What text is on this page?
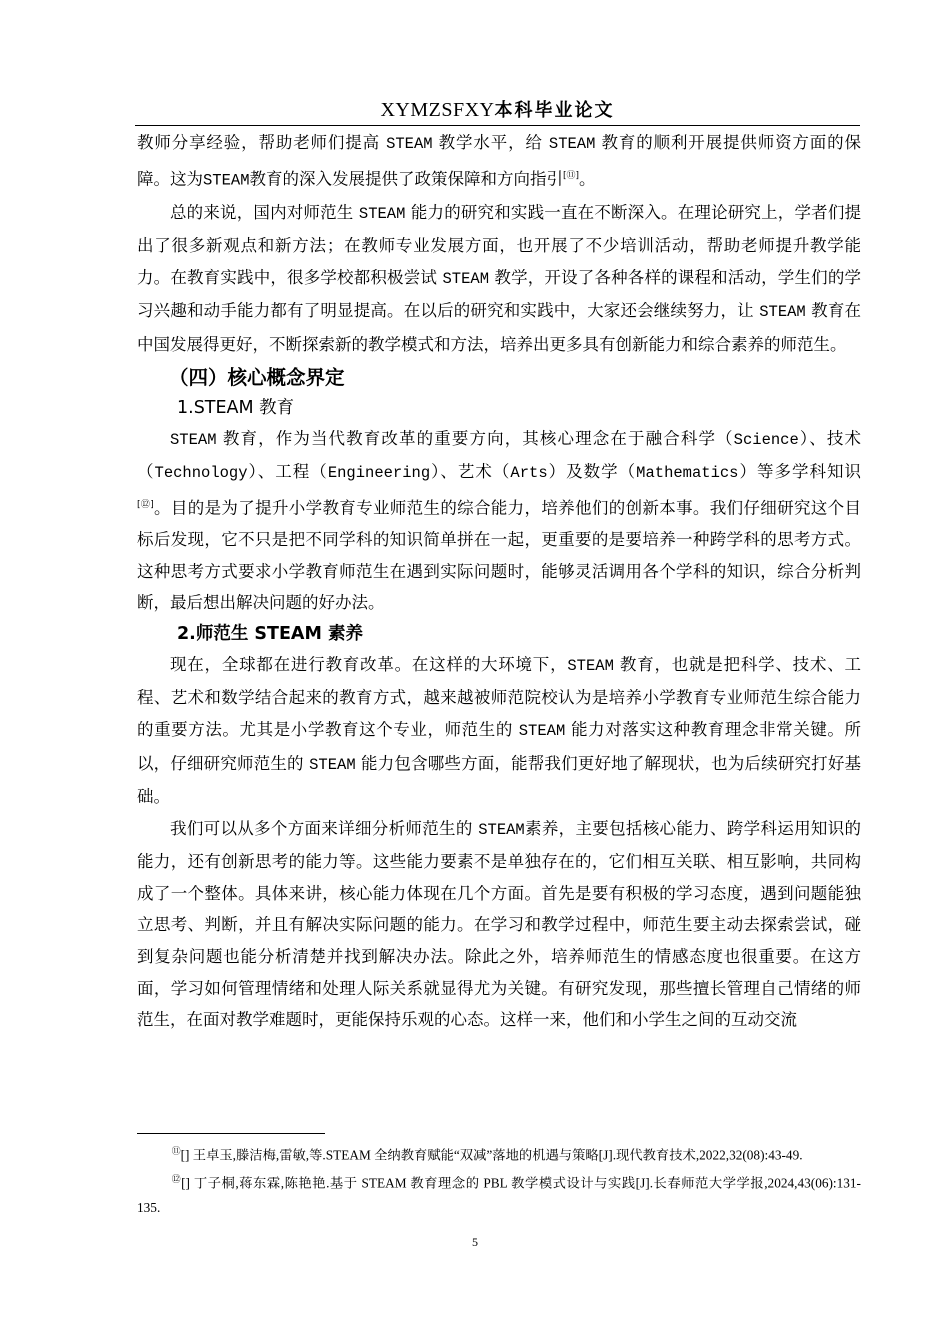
XYMZSFXY本科毕业论文

教师分享经验，帮助老师们提高 STEAM 教学水平，给 STEAM 教育的顺利开展提供师资方面的保障。这为STEAM教育的深入发展提供了政策保障和方向指引[⑪]。

总的来说，国内对师范生 STEAM 能力的研究和实践一直在不断深入。在理论研究上，学者们提出了很多新观点和新方法；在教师专业发展方面，也开展了不少培训活动，帮助老师提升教学能力。在教育实践中，很多学校都积极尝试 STEAM 教学，开设了各种各样的课程和活动，学生们的学习兴趣和动手能力都有了明显提高。在以后的研究和实践中，大家还会继续努力，让 STEAM 教育在中国发展得更好，不断探索新的教学模式和方法，培养出更多具有创新能力和综合素养的师范生。

（四）核心概念界定

1.STEAM 教育

STEAM 教育，作为当代教育改革的重要方向，其核心理念在于融合科学（Science）、技术（Technology）、工程（Engineering）、艺术（Arts）及数学（Mathematics）等多学科知识[⑫]。目的是为了提升小学教育专业师范生的综合能力，培养他们的创新本事。我们仔细研究这个目标后发现，它不只是把不同学科的知识简单拼在一起，更重要的是要培养一种跨学科的思考方式。这种思考方式要求小学教育师范生在遇到实际问题时，能够灵活调用各个学科的知识，综合分析判断，最后想出解决问题的好办法。

2.师范生 STEAM 素养

现在，全球都在进行教育改革。在这样的大环境下，STEAM 教育，也就是把科学、技术、工程、艺术和数学结合起来的教育方式，越来越被师范院校认为是培养小学教育专业师范生综合能力的重要方法。尤其是小学教育这个专业，师范生的 STEAM 能力对落实这种教育理念非常关键。所以，仔细研究师范生的 STEAM 能力包含哪些方面，能帮我们更好地了解现状，也为后续研究打好基础。

我们可以从多个方面来详细分析师范生的 STEAM素养，主要包括核心能力、跨学科运用知识的能力，还有创新思考的能力等。这些能力要素不是单独存在的，它们相互关联、相互影响，共同构成了一个整体。具体来讲，核心能力体现在几个方面。首先是要有积极的学习态度，遇到问题能独立思考、判断，并且有解决实际问题的能力。在学习和教学过程中，师范生要主动去探索尝试，碰到复杂问题也能分析清楚并找到解决办法。除此之外，培养师范生的情感态度也很重要。在这方面，学习如何管理情绪和处理人际关系就显得尤为关键。有研究发现，那些擅长管理自己情绪的师范生，在面对教学难题时，更能保持乐观的心态。这样一来，他们和小学生之间的互动交流

⑪[] 王卓玉,滕洁梅,雷敏,等.STEAM 全纳教育赋能“双减”落地的机遇与策略[J].现代教育技术,2022,32(08):43-49.

⑫[] 丁子桐,蒋东霖,陈艳艳.基于 STEAM 教育理念的 PBL 教学模式设计与实践[J].长春师范大学学报,2024,43(06):131-135.

5
